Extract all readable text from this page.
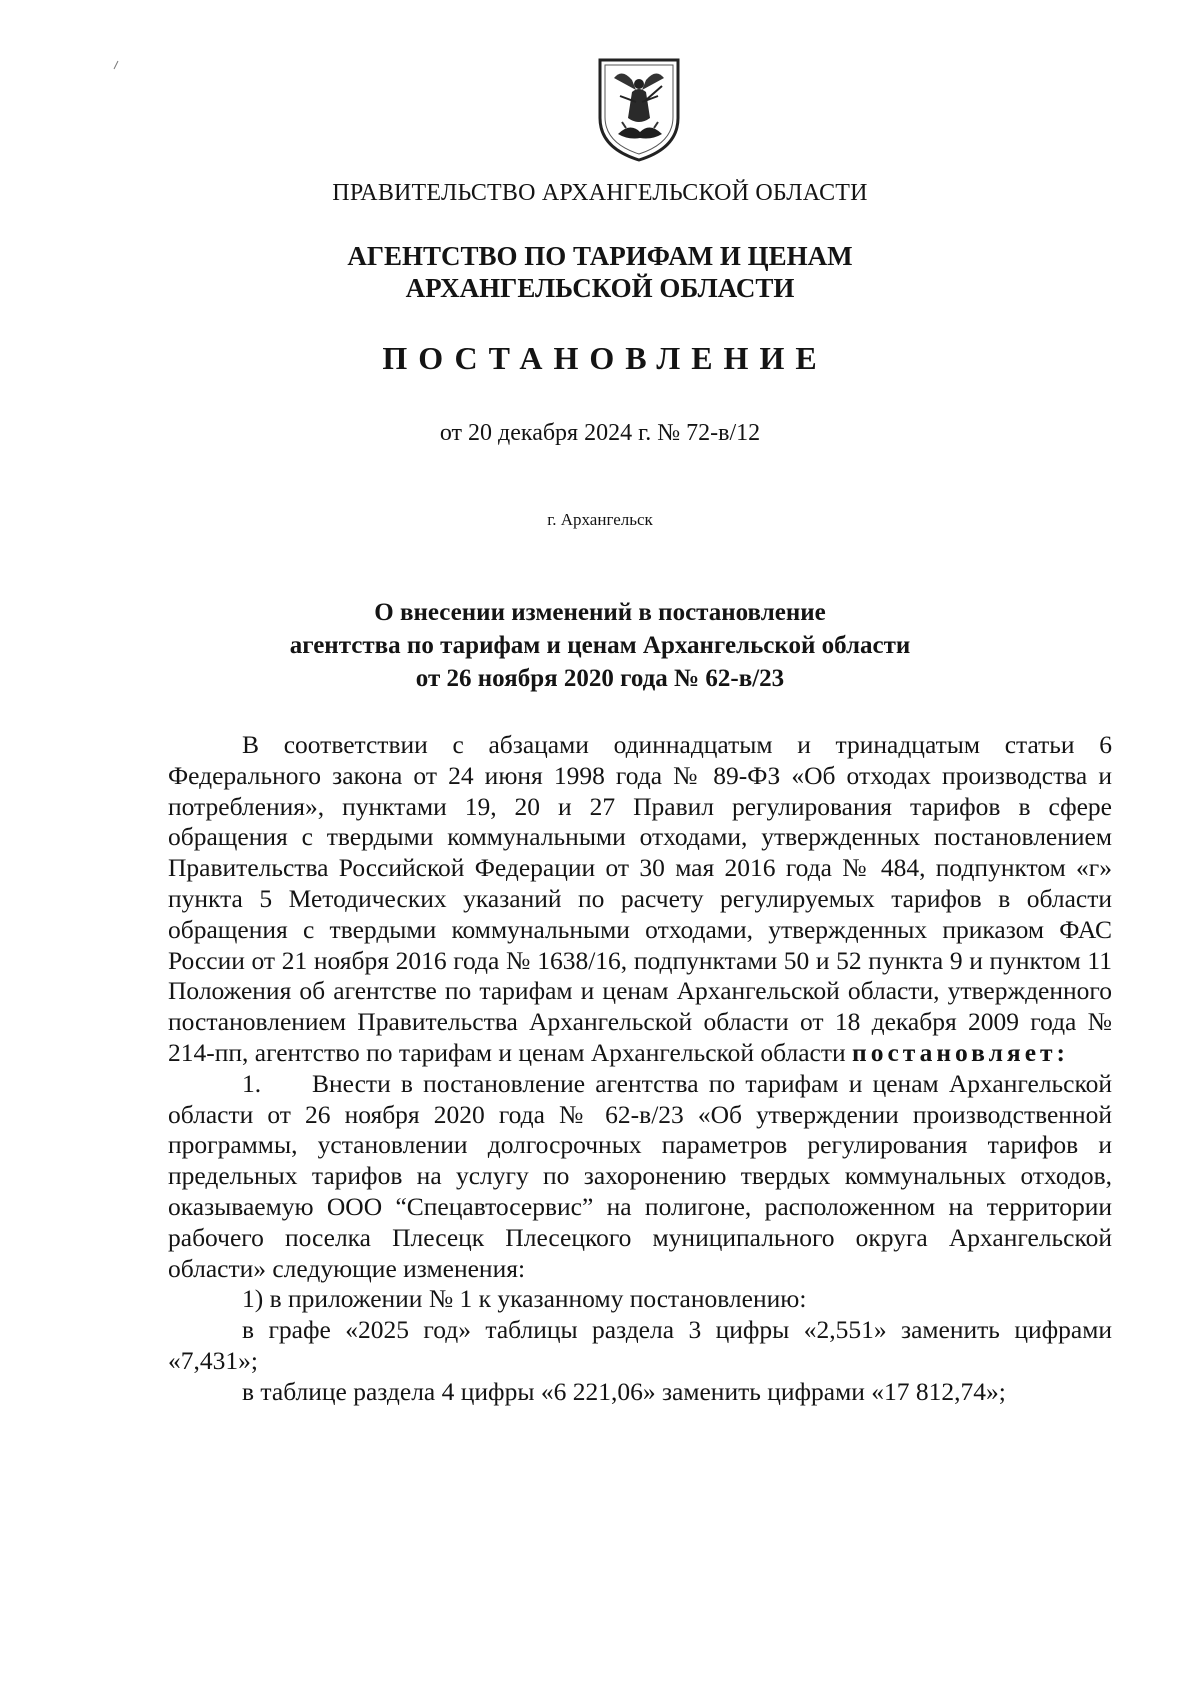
ПРАВИТЕЛЬСТВО АРХАНГЕЛЬСКОЙ ОБЛАСТИ
АГЕНТСТВО ПО ТАРИФАМ И ЦЕНАМ
АРХАНГЕЛЬСКОЙ ОБЛАСТИ
ПОСТАНОВЛЕНИЕ
от 20 декабря 2024 г. № 72-в/12
г. Архангельск
О внесении изменений в постановление
агентства по тарифам и ценам Архангельской области
от 26 ноября 2020 года № 62-в/23

В соответствии с абзацами одиннадцатым и тринадцатым статьи 6 Федерального закона от 24 июня 1998 года № 89-ФЗ «Об отходах производства и потребления», пунктами 19, 20 и 27 Правил регулирования тарифов в сфере обращения с твердыми коммунальными отходами, утвержденных постановлением Правительства Российской Федерации от 30 мая 2016 года № 484, подпунктом «г» пункта 5 Методических указаний по расчету регулируемых тарифов в области обращения с твердыми коммунальными отходами, утвержденных приказом ФАС России от 21 ноября 2016 года № 1638/16, подпунктами 50 и 52 пункта 9 и пунктом 11 Положения об агентстве по тарифам и ценам Архангельской области, утвержденного постановлением Правительства Архангельской области от 18 декабря 2009 года № 214-пп, агентство по тарифам и ценам Архангельской области постановляет:

1. Внести в постановление агентства по тарифам и ценам Архангельской области от 26 ноября 2020 года № 62-в/23 «Об утверждении производственной программы, установлении долгосрочных параметров регулирования тарифов и предельных тарифов на услугу по захоронению твердых коммунальных отходов, оказываемую ООО “Спецавтосервис” на полигоне, расположенном на территории рабочего поселка Плесецк Плесецкого муниципального округа Архангельской области» следующие изменения:

1) в приложении № 1 к указанному постановлению:

в графе «2025 год» таблицы раздела 3 цифры «2,551» заменить цифрами «7,431»;

в таблице раздела 4 цифры «6 221,06» заменить цифрами «17 812,74»;
